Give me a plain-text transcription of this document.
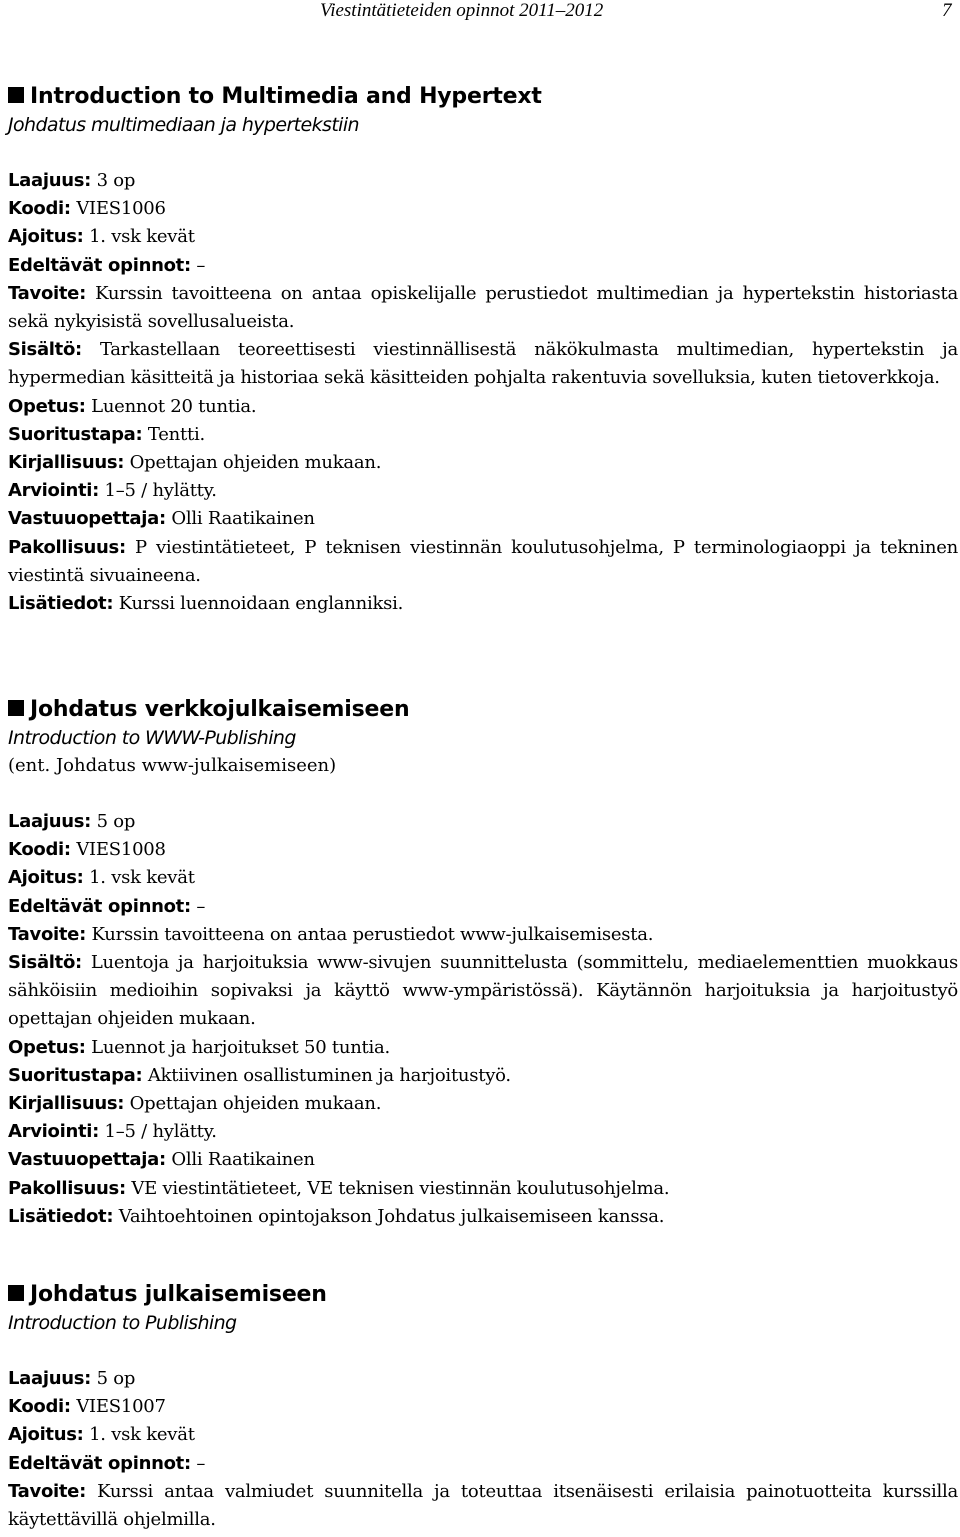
Viestintätieteiden opinnot 2011–2012	7
Introduction to Multimedia and Hypertext
Johdatus multimediaan ja hypertekstiin
Laajuus: 3 op
Koodi: VIES1006
Ajoitus: 1. vsk kevät
Edeltävät opinnot: –
Tavoite: Kurssin tavoitteena on antaa opiskelijalle perustiedot multimedian ja hypertekstin historiasta sekä nykyisistä sovellusalueista.
Sisältö: Tarkastellaan teoreettisesti viestinnällisestä näkökulmasta multimedian, hypertekstin ja hypermedian käsitteitä ja historiaa sekä käsitteiden pohjalta rakentuvia sovelluksia, kuten tietoverkkoja.
Opetus: Luennot 20 tuntia.
Suoritustapa: Tentti.
Kirjallisuus: Opettajan ohjeiden mukaan.
Arviointi: 1–5 / hylätty.
Vastuuopettaja: Olli Raatikainen
Pakollisuus: P viestintätieteet, P teknisen viestinnän koulutusohjelma, P terminologiaoppi ja tekninen viestintä sivuaineena.
Lisätiedot: Kurssi luennoidaan englanniksi.
Johdatus verkkojulkaisemiseen
Introduction to WWW-Publishing
(ent. Johdatus www-julkaisemiseen)
Laajuus: 5 op
Koodi: VIES1008
Ajoitus: 1. vsk kevät
Edeltävät opinnot: –
Tavoite: Kurssin tavoitteena on antaa perustiedot www-julkaisemisesta.
Sisältö: Luentoja ja harjoituksia www-sivujen suunnittelusta (sommittelu, mediaelementtien muokkaus sähköisiin medioihin sopivaksi ja käyttö www-ympäristössä). Käytännön harjoituksia ja harjoitustyö opettajan ohjeiden mukaan.
Opetus: Luennot ja harjoitukset 50 tuntia.
Suoritustapa: Aktiivinen osallistuminen ja harjoitustyö.
Kirjallisuus: Opettajan ohjeiden mukaan.
Arviointi: 1–5 / hylätty.
Vastuuopettaja: Olli Raatikainen
Pakollisuus: VE viestintätieteet, VE teknisen viestinnän koulutusohjelma.
Lisätiedot: Vaihtoehtoinen opintojakson Johdatus julkaisemiseen kanssa.
Johdatus julkaisemiseen
Introduction to Publishing
Laajuus: 5 op
Koodi: VIES1007
Ajoitus: 1. vsk kevät
Edeltävät opinnot: –
Tavoite: Kurssi antaa valmiudet suunnitella ja toteuttaa itsenäisesti erilaisia painotuotteita kurssilla käytettävillä ohjelmilla.
